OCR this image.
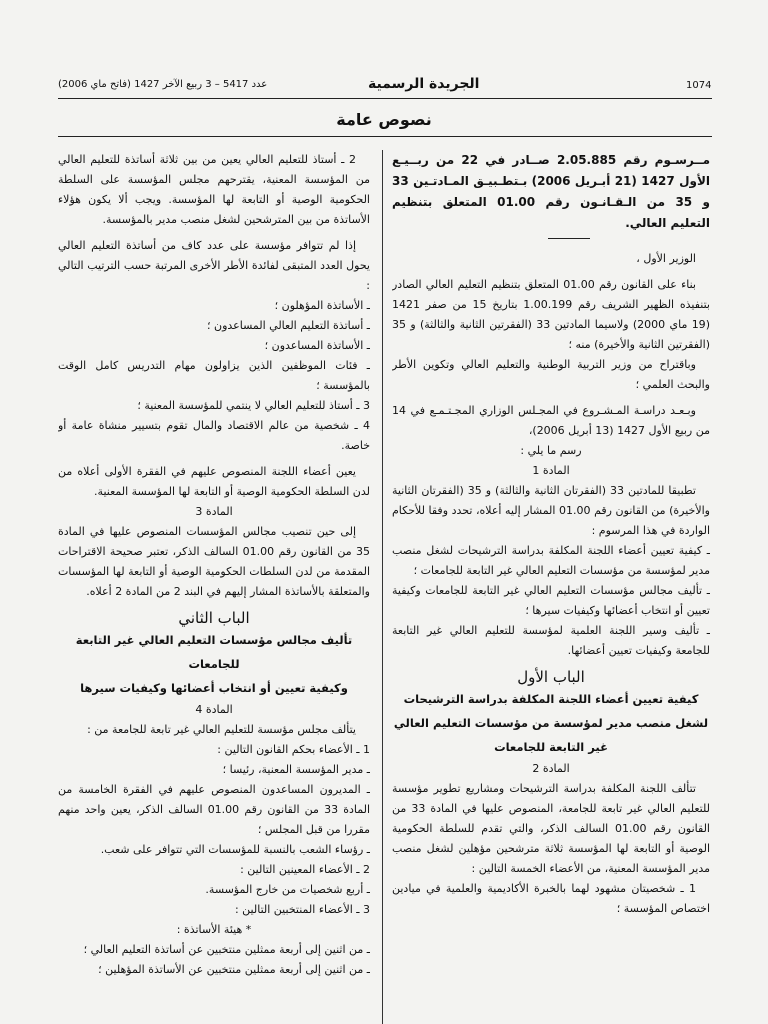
1074
الجريدة الرسمية
عدد 5417 – 3 ربيع الآخر 1427 (فاتح ماي 2006)
نصوص عامة

مــرسـوم رقم 2.05.885 صــادر في 22 من ربــيـع الأول 1427 (21 أبـريل 2006) بـتطـبيـق المـادتـين 33 و 35 من الـقـانـون رقم 01.00 المتعلق بتنظيم التعليم العالي.

الوزير الأول ،

بناء على القانون رقم 01.00 المتعلق بتنظيم التعليم العالي الصادر بتنفيذه الظهير الشريف رقم 1.00.199 بتاريخ 15 من صفر 1421 (19 ماي 2000) ولاسيما المادتين 33 (الفقرتين الثانية والثالثة) و 35 (الفقرتين الثانية والأخيرة) منه ؛

وباقتراح من وزير التربية الوطنية والتعليم العالي وتكوين الأطر والبحث العلمي ؛

وبـعـد دراسـة المـشـروع في المجـلس الوزاري المجـتـمـع في 14 من ربيع الأول 1427 (13 أبريل 2006)،

رسم ما يلي :

المادة 1

تطبيقا للمادتين 33 (الفقرتان الثانية والثالثة) و 35 (الفقرتان الثانية والأخيرة) من القانون رقم 01.00 المشار إليه أعلاه، تحدد وفقا للأحكام الواردة في هذا المرسوم :

ـ كيفية تعيين أعضاء اللجنة المكلفة بدراسة الترشيحات لشغل منصب مدير لمؤسسة من مؤسسات التعليم العالي غير التابعة للجامعات ؛

ـ تأليف مجالس مؤسسات التعليم العالي غير التابعة للجامعات وكيفية تعيين أو انتخاب أعضائها وكيفيات سيرها ؛

ـ تأليف وسير اللجنة العلمية لمؤسسة للتعليم العالي غير التابعة للجامعة وكيفيات تعيين أعضائها.

الباب الأول

كيفية تعيين أعضاء اللجنة المكلفة بدراسة الترشيحات

لشغل منصب مدير لمؤسسة من مؤسسات التعليم العالي

غير التابعة للجامعات

المادة 2

تتألف اللجنة المكلفة بدراسة الترشيحات ومشاريع تطوير مؤسسة للتعليم العالي غير تابعة للجامعة، المنصوص عليها في المادة 33 من القانون رقم 01.00 السالف الذكر، والتي تقدم للسلطة الحكومية الوصية أو التابعة لها المؤسسة ثلاثة مترشحين مؤهلين لشغل منصب مدير المؤسسة المعنية، من الأعضاء الخمسة التالين :

1 ـ شخصيتان مشهود لهما بالخبرة الأكاديمية والعلمية في ميادين اختصاص المؤسسة ؛

2 ـ أستاذ للتعليم العالي يعين من بين ثلاثة أساتذة للتعليم العالي من المؤسسة المعنية، يقترحهم مجلس المؤسسة على السلطة الحكومية الوصية أو التابعة لها المؤسسة. ويجب ألا يكون هؤلاء الأساتذة من بين المترشحين لشغل منصب مدير بالمؤسسة.

إذا لم تتوافر مؤسسة على عدد كاف من أساتذة التعليم العالي يحول العدد المتبقى لفائدة الأطر الأخرى المرتبة حسب الترتيب التالي :

ـ الأساتذة المؤهلون ؛

ـ أساتذة التعليم العالي المساعدون ؛

ـ الأساتذة المساعدون ؛

ـ فئات الموظفين الذين يزاولون مهام التدريس كامل الوقت بالمؤسسة ؛

3 ـ أستاذ للتعليم العالي لا ينتمي للمؤسسة المعنية ؛

4 ـ شخصية من عالم الاقتصاد والمال تقوم بتسيير منشاة عامة أو خاصة.

يعين أعضاء اللجنة المنصوص عليهم في الفقرة الأولى أعلاه من لدن السلطة الحكومية الوصية أو التابعة لها المؤسسة المعنية.

المادة 3

إلى حين تنصيب مجالس المؤسسات المنصوص عليها في المادة 35 من القانون رقم 01.00 السالف الذكر، تعتبر صحيحة الاقتراحات المقدمة من لدن السلطات الحكومية الوصية أو التابعة لها المؤسسات والمتعلقة بالأساتذة المشار إليهم في البند 2 من المادة 2 أعلاه.

الباب الثاني

تأليف مجالس مؤسسات التعليم العالي غير التابعة للجامعات

وكيفية تعيين أو انتخاب أعضائها وكيفيات سيرها

المادة 4

يتألف مجلس مؤسسة للتعليم العالي غير تابعة للجامعة من :

1 ـ الأعضاء بحكم القانون التالين :

ـ مدير المؤسسة المعنية، رئيسا ؛

ـ المديرون المساعدون المنصوص عليهم في الفقرة الخامسة من المادة 33 من القانون رقم 01.00 السالف الذكر، يعين واحد منهم مقررا من قبل المجلس ؛

ـ رؤساء الشعب بالنسبة للمؤسسات التي تتوافر على شعب.

2 ـ الأعضاء المعينين التالين :

ـ أربع شخصيات من خارج المؤسسة.

3 ـ الأعضاء المنتخبين التالين :

* هيئة الأساتذة :

ـ من اثنين إلى أربعة ممثلين منتخبين عن أساتذة التعليم العالي ؛

ـ من اثنين إلى أربعة ممثلين منتخبين عن الأساتذة المؤهلين ؛
